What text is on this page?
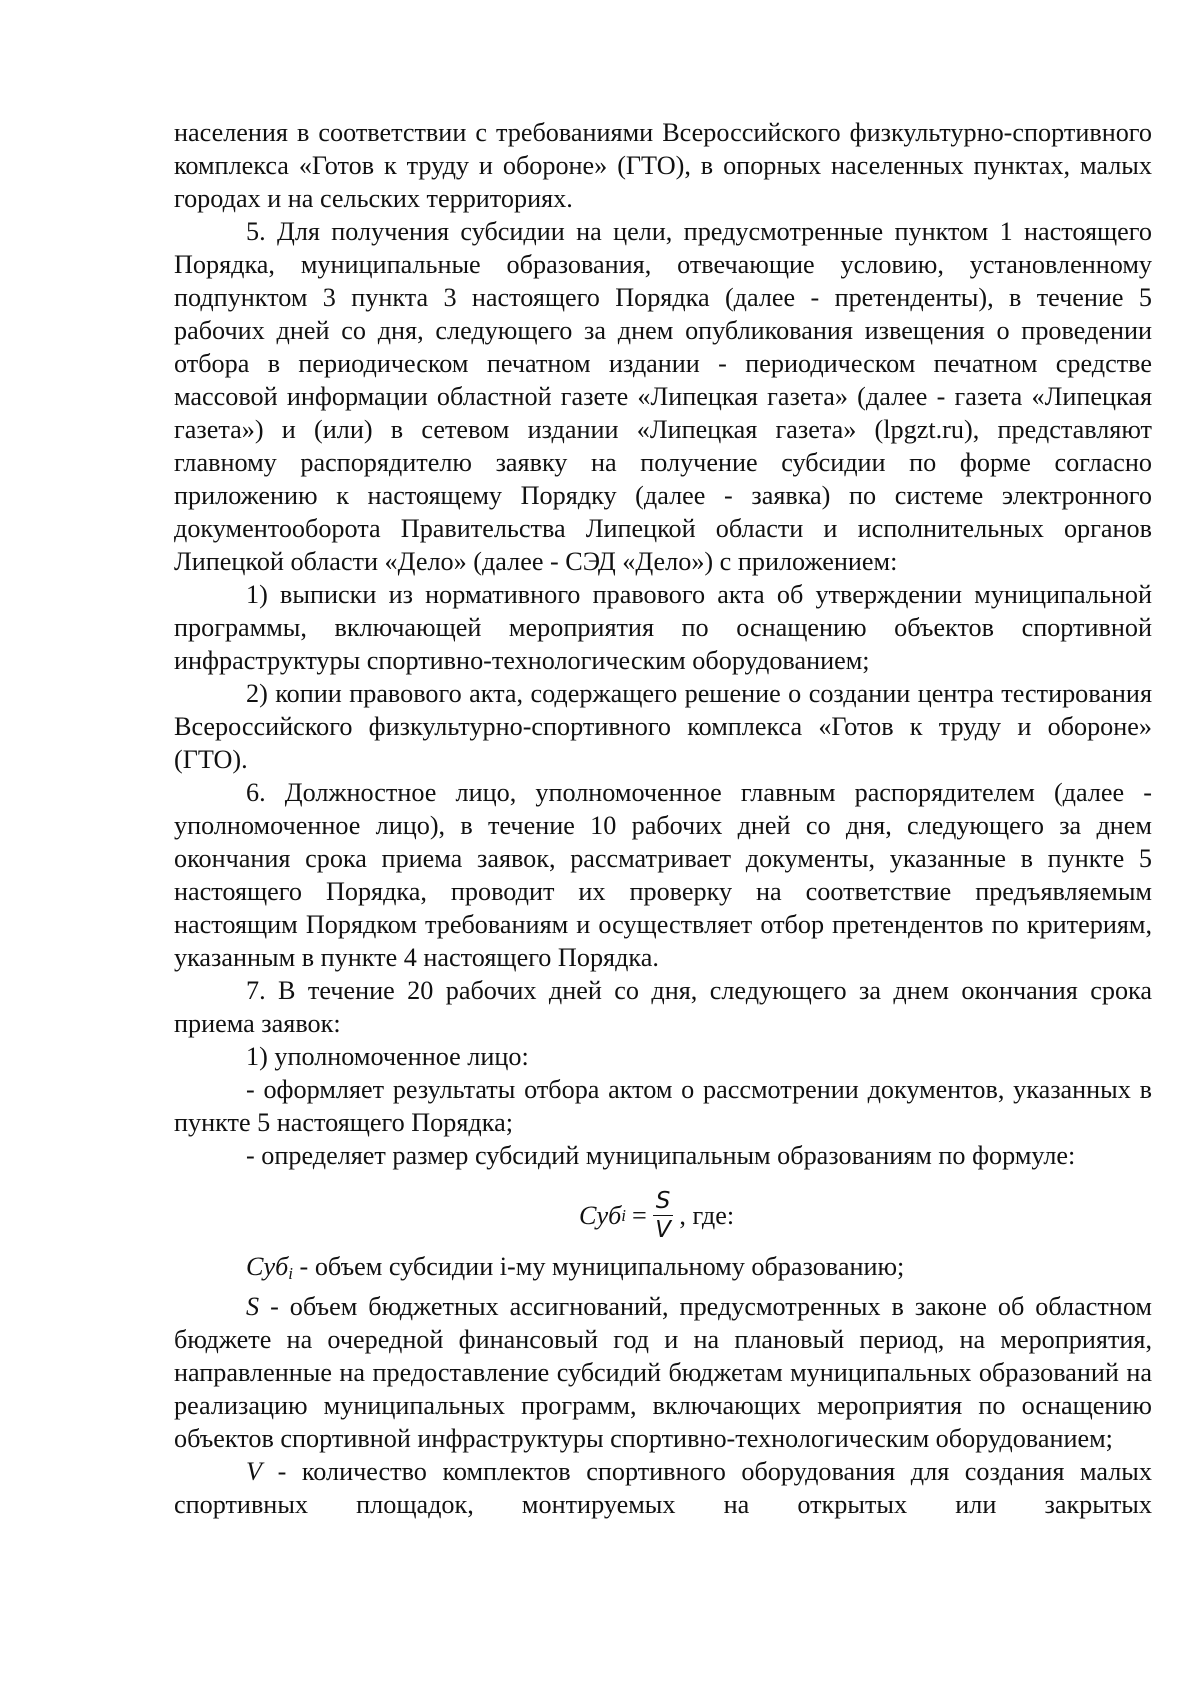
населения в соответствии с требованиями Всероссийского физкультурно-спортивного комплекса «Готов к труду и обороне» (ГТО), в опорных населенных пунктах, малых городах и на сельских территориях.

5. Для получения субсидии на цели, предусмотренные пунктом 1 настоящего Порядка, муниципальные образования, отвечающие условию, установленному подпунктом 3 пункта 3 настоящего Порядка (далее - претенденты), в течение 5 рабочих дней со дня, следующего за днем опубликования извещения о проведении отбора в периодическом печатном издании - периодическом печатном средстве массовой информации областной газете «Липецкая газета» (далее - газета «Липецкая газета») и (или) в сетевом издании «Липецкая газета» (lpgzt.ru), представляют главному распорядителю заявку на получение субсидии по форме согласно приложению к настоящему Порядку (далее - заявка) по системе электронного документооборота Правительства Липецкой области и исполнительных органов Липецкой области «Дело» (далее - СЭД «Дело») с приложением:

1) выписки из нормативного правового акта об утверждении муниципальной программы, включающей мероприятия по оснащению объектов спортивной инфраструктуры спортивно-технологическим оборудованием;

2) копии правового акта, содержащего решение о создании центра тестирования Всероссийского физкультурно-спортивного комплекса «Готов к труду и обороне» (ГТО).

6. Должностное лицо, уполномоченное главным распорядителем (далее - уполномоченное лицо), в течение 10 рабочих дней со дня, следующего за днем окончания срока приема заявок, рассматривает документы, указанные в пункте 5 настоящего Порядка, проводит их проверку на соответствие предъявляемым настоящим Порядком требованиям и осуществляет отбор претендентов по критериям, указанным в пункте 4 настоящего Порядка.

7. В течение 20 рабочих дней со дня, следующего за днем окончания срока приема заявок:

1) уполномоченное лицо:

- оформляет результаты отбора актом о рассмотрении документов, указанных в пункте 5 настоящего Порядка;

- определяет размер субсидий муниципальным образованиям по формуле:

Суб $i = \frac{S}{V}$ , где:

Суб$_i$ - объем субсидии i-му муниципальному образованию;

S - объем бюджетных ассигнований, предусмотренных в законе об областном бюджете на очередной финансовый год и на плановый период, на мероприятия, направленные на предоставление субсидий бюджетам муниципальных образований на реализацию муниципальных программ, включающих мероприятия по оснащению объектов спортивной инфраструктуры спортивно-технологическим оборудованием;

V - количество комплектов спортивного оборудования для создания малых спортивных площадок, монтируемых на открытых или закрытых
